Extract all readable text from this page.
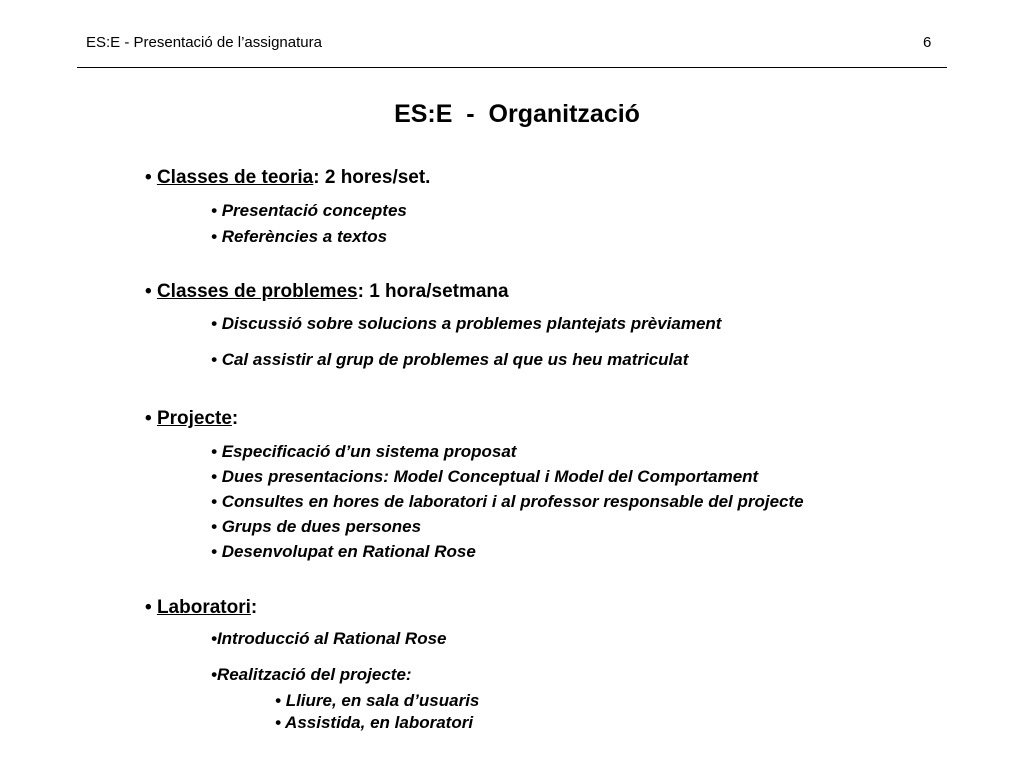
ES:E - Presentació de l’assignatura	6
ES:E  -  Organització
• Classes de teoria: 2 hores/set.
• Presentació conceptes
• Referències a textos
• Classes de problemes: 1 hora/setmana
• Discussió sobre solucions a problemes plantejats prèviament
• Cal assistir al grup de problemes al que us heu matriculat
• Projecte:
• Especificació d’un sistema proposat
• Dues presentacions: Model Conceptual i Model del Comportament
• Consultes en hores de laboratori i al professor responsable del projecte
• Grups de dues persones
• Desenvolupat en Rational Rose
• Laboratori:
•Introducció al Rational Rose
•Realització del projecte:
• Lliure, en sala d’usuaris
• Assistida, en laboratori
